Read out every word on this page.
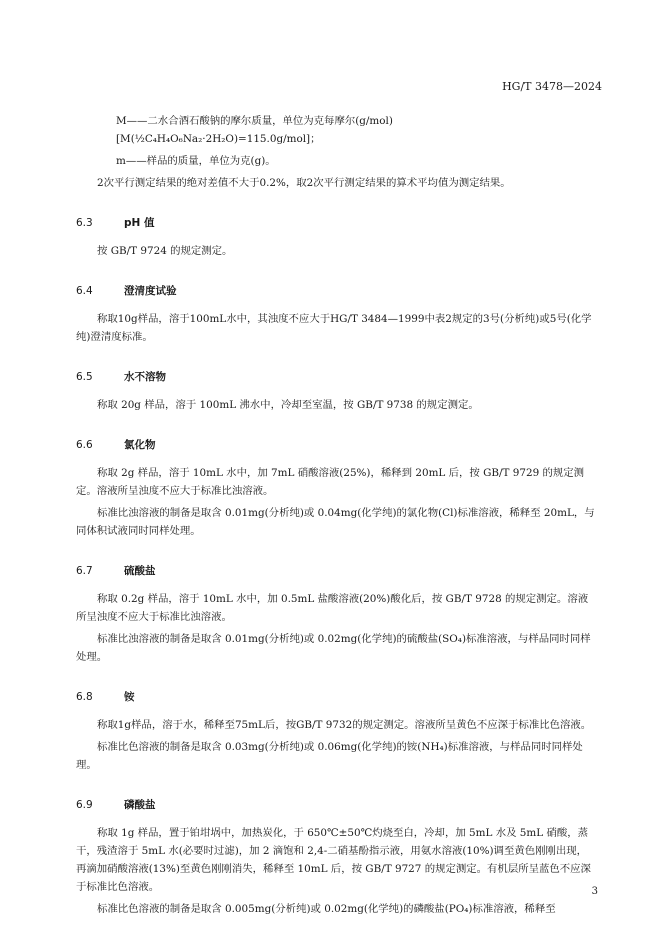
HG/T 3478—2024

M——二水合酒石酸钠的摩尔质量，单位为克每摩尔(g/mol)[M(½C₄H₄O₆Na₂·2H₂O)=115.0g/mol]；

m——样品的质量，单位为克(g)。

2次平行测定结果的绝对差值不大于0.2%，取2次平行测定结果的算术平均值为测定结果。

6.3	pH 值

按 GB/T 9724 的规定测定。

6.4	澄清度试验

称取10g样品，溶于100mL水中，其浊度不应大于HG/T 3484—1999中表2规定的3号(分析纯)或5号(化学纯)澄清度标准。

6.5	水不溶物

称取 20g 样品，溶于 100mL 沸水中，冷却至室温，按 GB/T 9738 的规定测定。

6.6	氯化物

称取 2g 样品，溶于 10mL 水中，加 7mL 硝酸溶液(25%)，稀释到 20mL 后，按 GB/T 9729 的规定测定。溶液所呈浊度不应大于标准比浊溶液。

标准比浊溶液的制备是取含 0.01mg(分析纯)或 0.04mg(化学纯)的氯化物(Cl)标准溶液，稀释至 20mL，与同体积试液同时同样处理。

6.7	硫酸盐

称取 0.2g 样品，溶于 10mL 水中，加 0.5mL 盐酸溶液(20%)酸化后，按 GB/T 9728 的规定测定。溶液所呈浊度不应大于标准比浊溶液。

标准比浊溶液的制备是取含 0.01mg(分析纯)或 0.02mg(化学纯)的硫酸盐(SO₄)标准溶液，与样品同时同样处理。

6.8	铵

称取1g样品，溶于水，稀释至75mL后，按GB/T 9732的规定测定。溶液所呈黄色不应深于标准比色溶液。

标准比色溶液的制备是取含 0.03mg(分析纯)或 0.06mg(化学纯)的铵(NH₄)标准溶液，与样品同时同样处理。

6.9	磷酸盐

称取 1g 样品，置于铂坩埚中，加热炭化，于 650℃±50℃灼烧至白，冷却，加 5mL 水及 5mL 硝酸，蒸干，残渣溶于 5mL 水(必要时过滤)，加 2 滴饱和 2,4-二硝基酚指示液，用氨水溶液(10%)调至黄色刚刚出现，再滴加硝酸溶液(13%)至黄色刚刚消失，稀释至 10mL 后，按 GB/T 9727 的规定测定。有机层所呈蓝色不应深于标准比色溶液。

标准比色溶液的制备是取含 0.005mg(分析纯)或 0.02mg(化学纯)的磷酸盐(PO₄)标准溶液，稀释至

3
